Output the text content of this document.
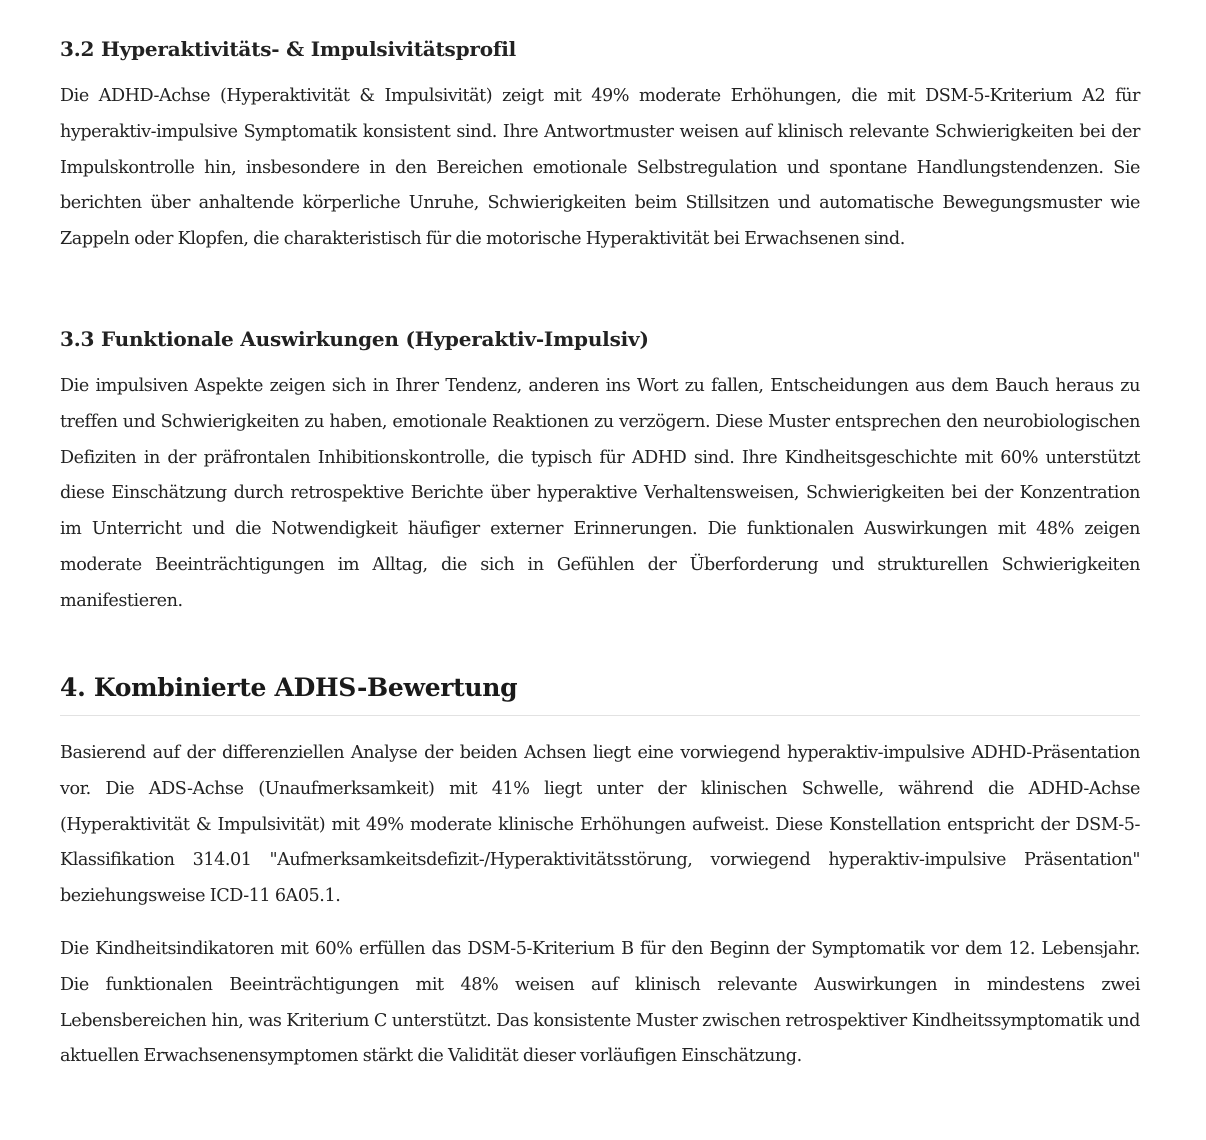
3.2 Hyperaktivitäts- & Impulsivitätsprofil

Die ADHD-Achse (Hyperaktivität & Impulsivität) zeigt mit 49% moderate Erhöhungen, die mit DSM-5-Kriterium A2 für hyperaktiv-impulsive Symptomatik konsistent sind. Ihre Antwortmuster weisen auf klinisch relevante Schwierigkeiten bei der Impulskontrolle hin, insbesondere in den Bereichen emotionale Selbstregulation und spontane Handlungstendenzen. Sie berichten über anhaltende körperliche Unruhe, Schwierigkeiten beim Stillsitzen und automatische Bewegungsmuster wie Zappeln oder Klopfen, die charakteristisch für die motorische Hyperaktivität bei Erwachsenen sind.

3.3 Funktionale Auswirkungen (Hyperaktiv-Impulsiv)

Die impulsiven Aspekte zeigen sich in Ihrer Tendenz, anderen ins Wort zu fallen, Entscheidungen aus dem Bauch heraus zu treffen und Schwierigkeiten zu haben, emotionale Reaktionen zu verzögern. Diese Muster entsprechen den neurobiologischen Defiziten in der präfrontalen Inhibitionskontrolle, die typisch für ADHD sind. Ihre Kindheitsgeschichte mit 60% unterstützt diese Einschätzung durch retrospektive Berichte über hyperaktive Verhaltensweisen, Schwierigkeiten bei der Konzentration im Unterricht und die Notwendigkeit häufiger externer Erinnerungen. Die funktionalen Auswirkungen mit 48% zeigen moderate Beeinträchtigungen im Alltag, die sich in Gefühlen der Überforderung und strukturellen Schwierigkeiten manifestieren.

4. Kombinierte ADHS-Bewertung

Basierend auf der differenziellen Analyse der beiden Achsen liegt eine vorwiegend hyperaktiv-impulsive ADHD-Präsentation vor. Die ADS-Achse (Unaufmerksamkeit) mit 41% liegt unter der klinischen Schwelle, während die ADHD-Achse (Hyperaktivität & Impulsivität) mit 49% moderate klinische Erhöhungen aufweist. Diese Konstellation entspricht der DSM-5-Klassifikation 314.01 "Aufmerksamkeitsdefizit-/Hyperaktivitätsstörung, vorwiegend hyperaktiv-impulsive Präsentation" beziehungsweise ICD-11 6A05.1.

Die Kindheitsindikatoren mit 60% erfüllen das DSM-5-Kriterium B für den Beginn der Symptomatik vor dem 12. Lebensjahr. Die funktionalen Beeinträchtigungen mit 48% weisen auf klinisch relevante Auswirkungen in mindestens zwei Lebensbereichen hin, was Kriterium C unterstützt. Das konsistente Muster zwischen retrospektiver Kindheitssymptomatik und aktuellen Erwachsenensymptomen stärkt die Validität dieser vorläufigen Einschätzung.
